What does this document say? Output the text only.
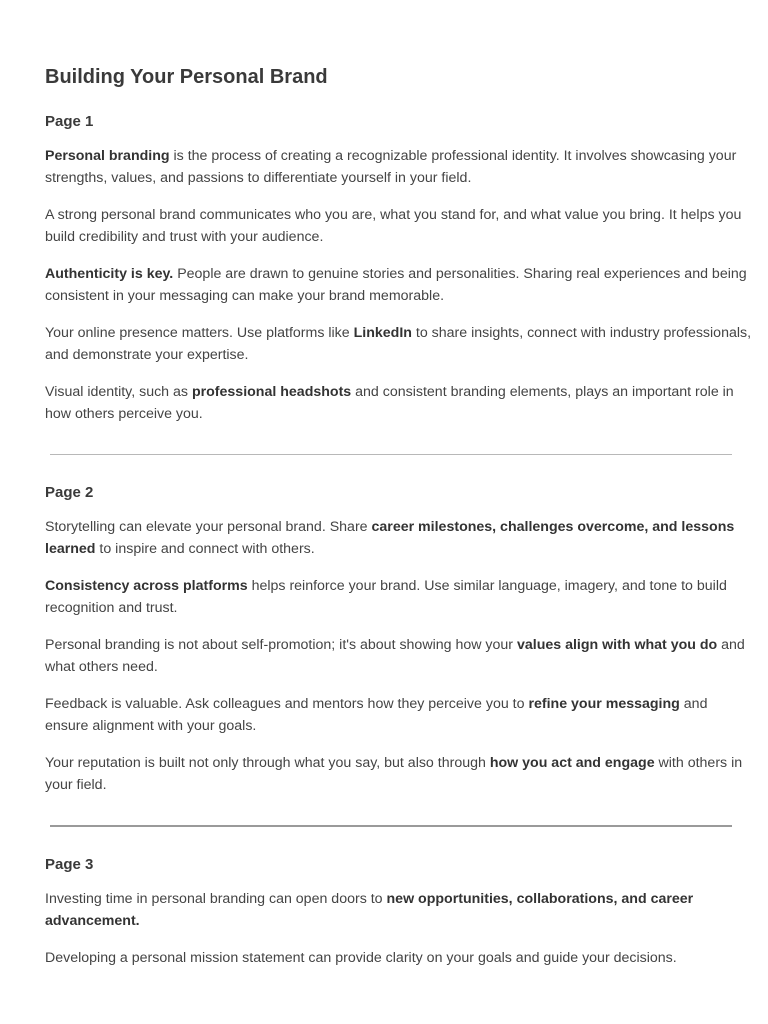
Building Your Personal Brand
Page 1

Personal branding is the process of creating a recognizable professional identity. It involves showcasing your strengths, values, and passions to differentiate yourself in your field.

A strong personal brand communicates who you are, what you stand for, and what value you bring. It helps you build credibility and trust with your audience.

Authenticity is key. People are drawn to genuine stories and personalities. Sharing real experiences and being consistent in your messaging can make your brand memorable.

Your online presence matters. Use platforms like LinkedIn to share insights, connect with industry professionals, and demonstrate your expertise.

Visual identity, such as professional headshots and consistent branding elements, plays an important role in how others perceive you.

Page 2

Storytelling can elevate your personal brand. Share career milestones, challenges overcome, and lessons learned to inspire and connect with others.

Consistency across platforms helps reinforce your brand. Use similar language, imagery, and tone to build recognition and trust.

Personal branding is not about self-promotion; it's about showing how your values align with what you do and what others need.

Feedback is valuable. Ask colleagues and mentors how they perceive you to refine your messaging and ensure alignment with your goals.

Your reputation is built not only through what you say, but also through how you act and engage with others in your field.

Page 3

Investing time in personal branding can open doors to new opportunities, collaborations, and career advancement.

Developing a personal mission statement can provide clarity on your goals and guide your decisions.
